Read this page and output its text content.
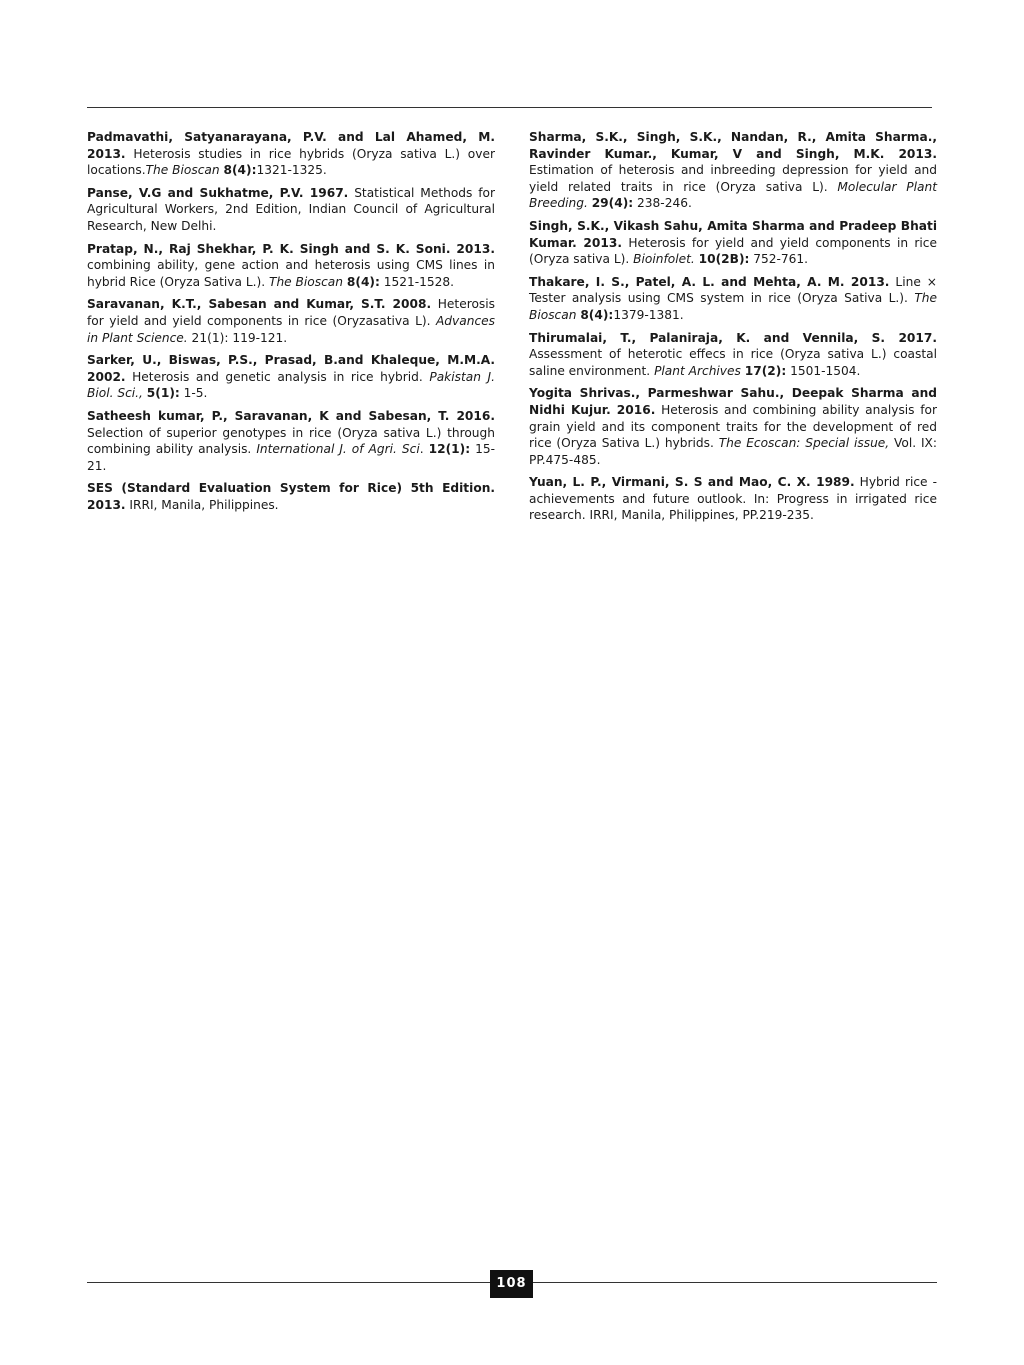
Padmavathi, Satyanarayana, P.V. and Lal Ahamed, M. 2013. Heterosis studies in rice hybrids (Oryza sativa L.) over locations.The Bioscan 8(4):1321-1325.

Panse, V.G and Sukhatme, P.V. 1967. Statistical Methods for Agricultural Workers, 2nd Edition, Indian Council of Agricultural Research, New Delhi.

Pratap, N., Raj Shekhar, P. K. Singh and S. K. Soni. 2013. combining ability, gene action and heterosis using CMS lines in hybrid Rice (Oryza Sativa L.). The Bioscan 8(4): 1521-1528.

Saravanan, K.T., Sabesan and Kumar, S.T. 2008. Heterosis for yield and yield components in rice (Oryzasativa L). Advances in Plant Science. 21(1): 119-121.

Sarker, U., Biswas, P.S., Prasad, B.and Khaleque, M.M.A. 2002. Heterosis and genetic analysis in rice hybrid. Pakistan J. Biol. Sci., 5(1): 1-5.

Satheesh kumar, P., Saravanan, K and Sabesan, T. 2016. Selection of superior genotypes in rice (Oryza sativa L.) through combining ability analysis. International J. of Agri. Sci. 12(1): 15-21.

SES (Standard Evaluation System for Rice) 5th Edition. 2013. IRRI, Manila, Philippines.

Sharma, S.K., Singh, S.K., Nandan, R., Amita Sharma., Ravinder Kumar., Kumar, V and Singh, M.K. 2013. Estimation of heterosis and inbreeding depression for yield and yield related traits in rice (Oryza sativa L). Molecular Plant Breeding. 29(4): 238-246.

Singh, S.K., Vikash Sahu, Amita Sharma and Pradeep Bhati Kumar. 2013. Heterosis for yield and yield components in rice (Oryza sativa L). Bioinfolet. 10(2B): 752-761.

Thakare, I. S., Patel, A. L. and Mehta, A. M. 2013. Line × Tester analysis using CMS system in rice (Oryza Sativa L.). The Bioscan 8(4):1379-1381.

Thirumalai, T., Palaniraja, K. and Vennila, S. 2017. Assessment of heterotic effecs in rice (Oryza sativa L.) coastal saline environment. Plant Archives 17(2): 1501-1504.

Yogita Shrivas., Parmeshwar Sahu., Deepak Sharma and Nidhi Kujur. 2016. Heterosis and combining ability analysis for grain yield and its component traits for the development of red rice (Oryza Sativa L.) hybrids. The Ecoscan: Special issue, Vol. IX: PP.475-485.

Yuan, L. P., Virmani, S. S and Mao, C. X. 1989. Hybrid rice - achievements and future outlook. In: Progress in irrigated rice research. IRRI, Manila, Philippines, PP.219-235.

108
